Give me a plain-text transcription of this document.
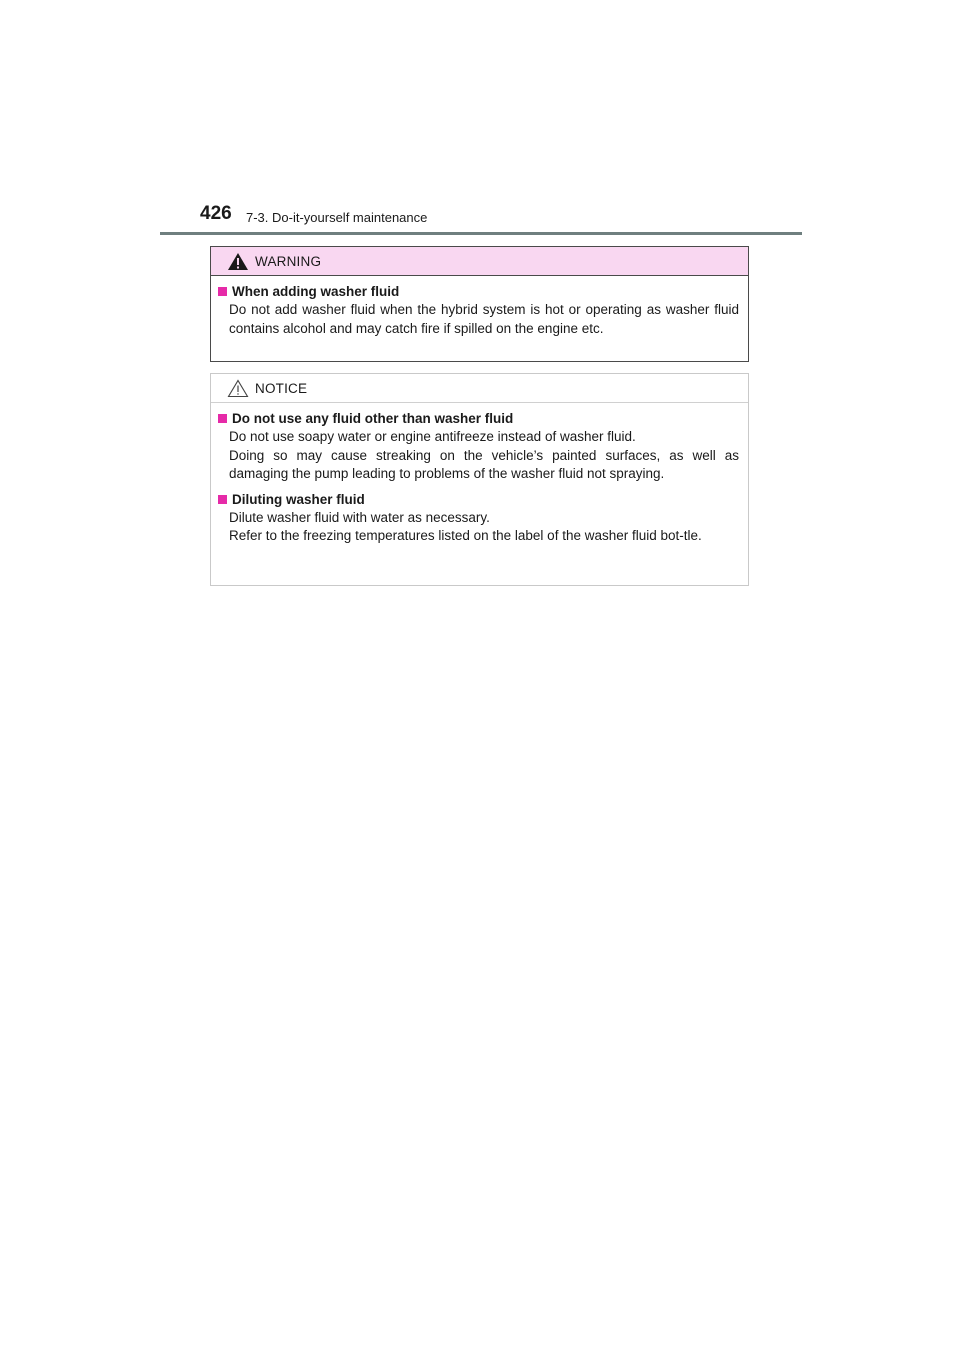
426 7-3. Do-it-yourself maintenance
WARNING
When adding washer fluid

Do not add washer fluid when the hybrid system is hot or operating as washer fluid contains alcohol and may catch fire if spilled on the engine etc.

NOTICE
Do not use any fluid other than washer fluid

Do not use soapy water or engine antifreeze instead of washer fluid.

Doing so may cause streaking on the vehicle’s painted surfaces, as well as damaging the pump leading to problems of the washer fluid not spraying.

Diluting washer fluid

Dilute washer fluid with water as necessary.

Refer to the freezing temperatures listed on the label of the washer fluid bot-tle.
